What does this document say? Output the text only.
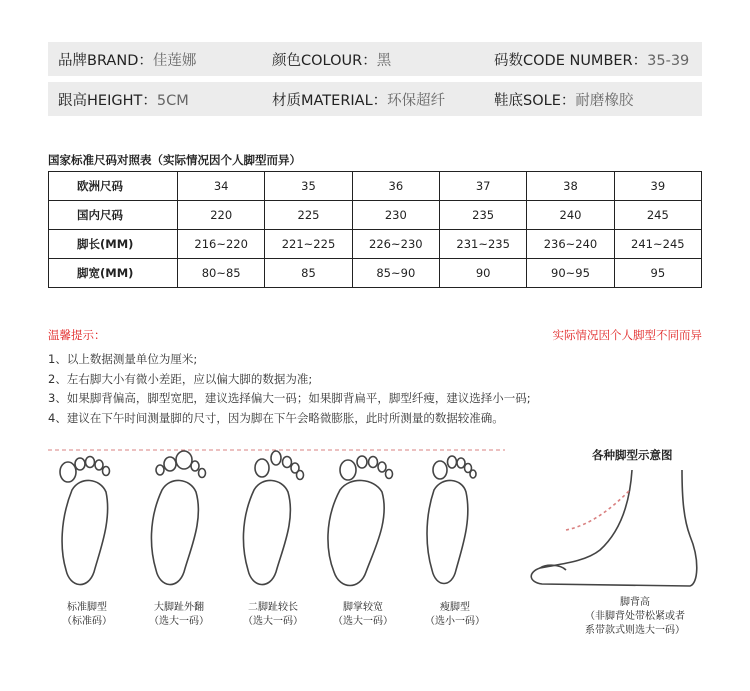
品牌BRAND：佳莲娜	颜色COLOUR：黑	码数CODE NUMBER：35-39
跟高HEIGHT：5CM	材质MATERIAL：环保超纤	鞋底SOLE：耐磨橡胶
国家标准尺码对照表（实际情况因个人脚型而异）
欧洲尺码	34	35	36	37	38	39
国内尺码	220	225	230	235	240	245
脚长(MM)	216~220	221~225	226~230	231~235	236~240	241~245
脚宽(MM)	80~85	85	85~90	90	90~95	95
温馨提示：	实际情况因个人脚型不同而异
1、以上数据测量单位为厘米;
2、左右脚大小有微小差距，应以偏大脚的数据为准;
3、如果脚背偏高，脚型宽肥，建议选择偏大一码；如果脚背扁平，脚型纤瘦，建议选择小一码;
4、建议在下午时间测量脚的尺寸，因为脚在下午会略微膨胀，此时所测量的数据较准确。
标准脚型
（标准码）
大脚趾外翻
（选大一码）
二脚趾较长
（选大一码）
脚掌较宽
（选大一码）
瘦脚型
（选小一码）
各种脚型示意图
脚背高
（非脚背处带松紧或者
系带款式则选大一码）
